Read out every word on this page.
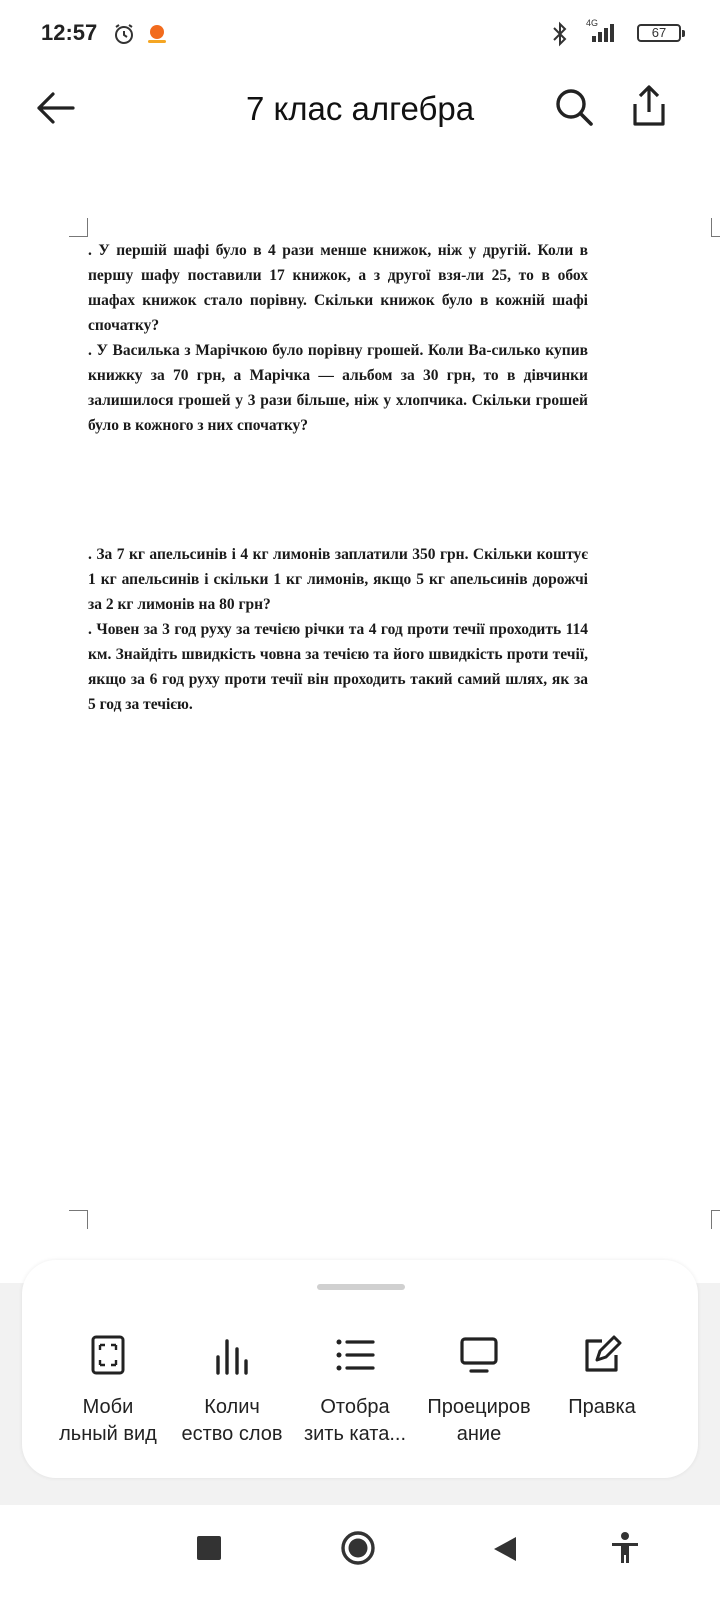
12:57	4G
67
7 клас алгебра

. У першій шафі було в 4 рази менше книжок, ніж у другій. Коли в першу шафу поставили 17 книжок, а з другої взя-ли 25, то в обох шафах книжок стало порівну. Скільки книжок було в кожній шафі спочатку?

. У Василька з Марічкою було порівну грошей. Коли Ва-силько купив книжку за 70 грн, а Марічка — альбом за 30 грн, то в дівчинки залишилося грошей у 3 рази більше, ніж у хлопчика. Скільки грошей було в кожного з них спочатку?

. За 7 кг апельсинів і 4 кг лимонів заплатили 350 грн. Скільки коштує 1 кг апельсинів і скільки 1 кг лимонів, якщо 5 кг апельсинів дорожчі за 2 кг лимонів на 80 грн?

. Човен за 3 год руху за течією річки та 4 год проти течії проходить 114 км. Знайдіть швидкість човна за течією та його швидкість проти течії, якщо за 6 год руху проти течії він проходить такий самий шлях, як за 5 год за течією.

Моби
льный вид
Колич
ество слов
Отобра
зить ката...
Проециров
ание
Правка
